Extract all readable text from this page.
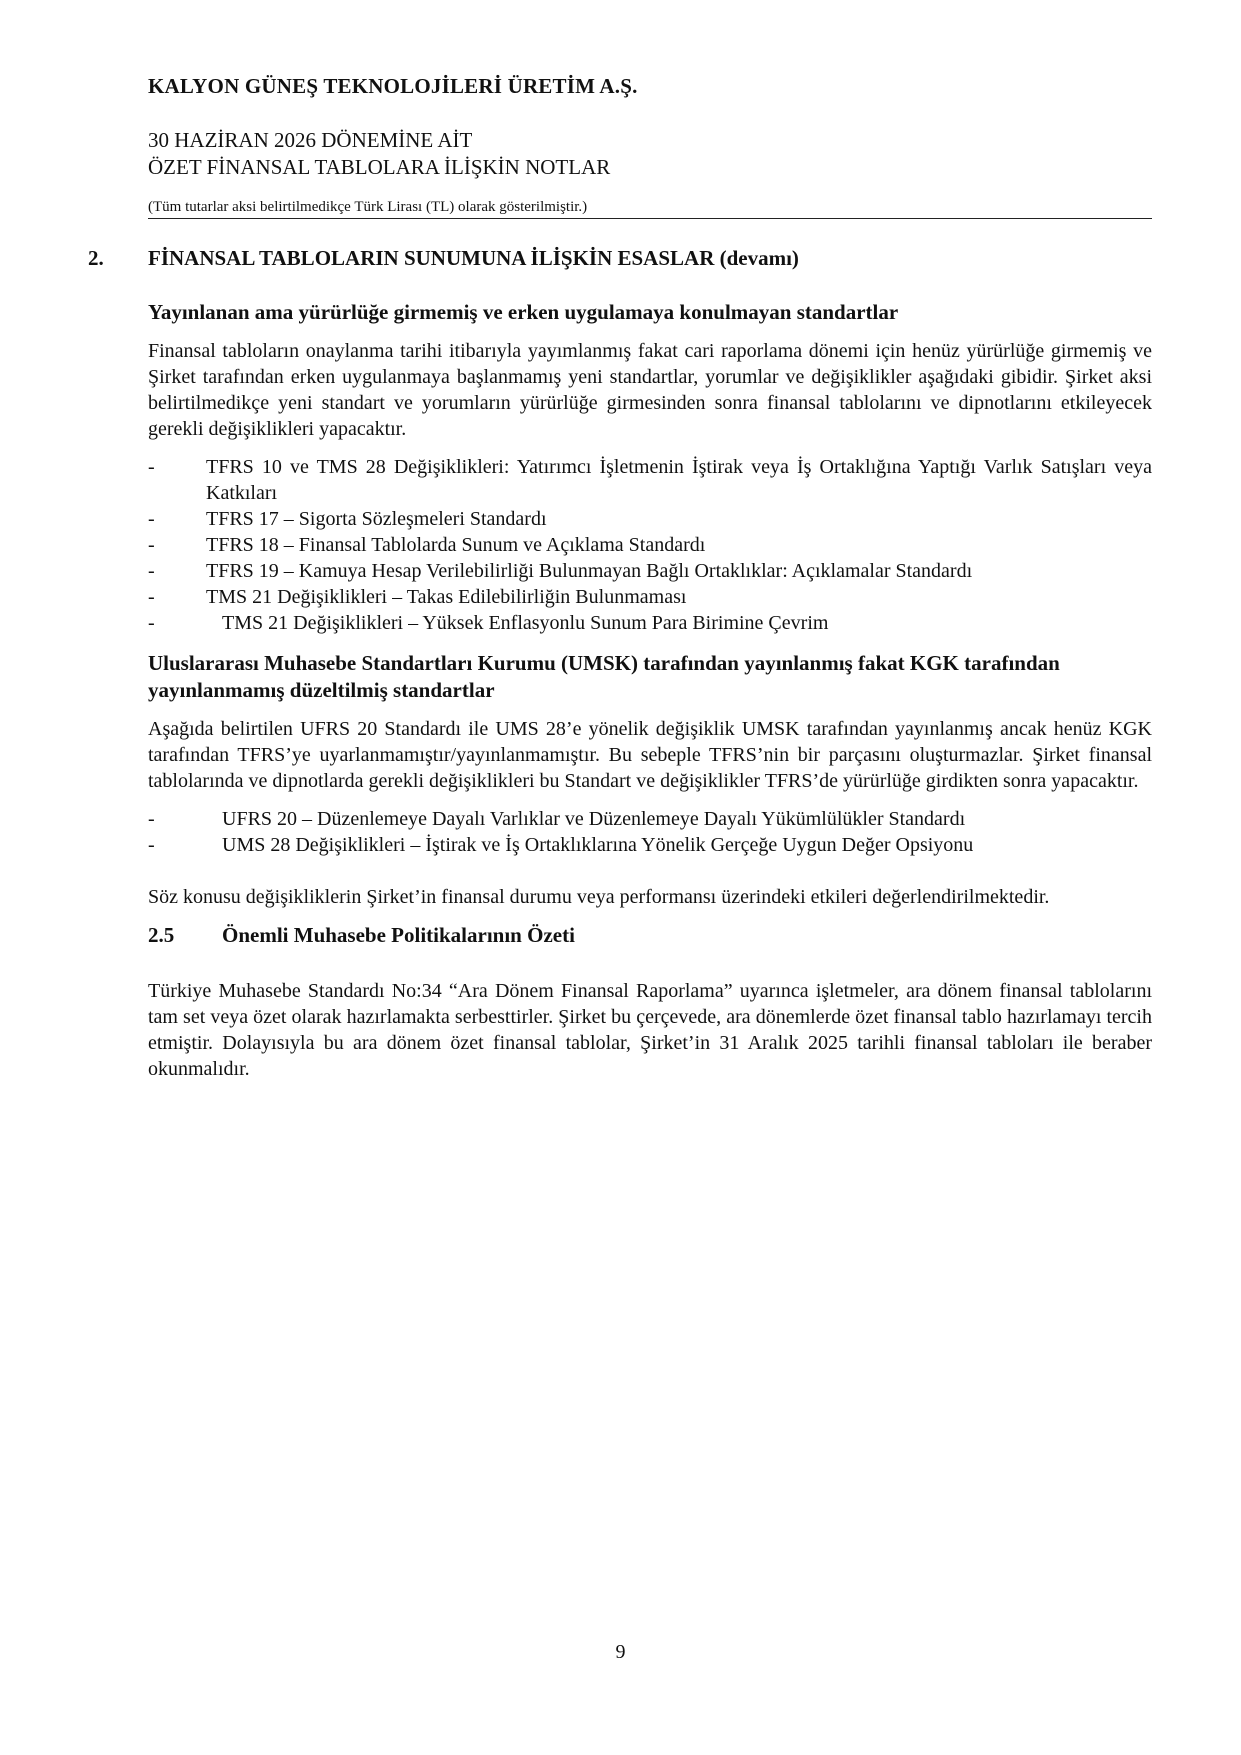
KALYON GÜNEŞ TEKNOLOJİLERİ ÜRETİM A.Ş.
30 HAZİRAN 2026 DÖNEMİNE AİT
ÖZET FİNANSAL TABLOLARA İLİŞKİN NOTLAR
(Tüm tutarlar aksi belirtilmedikçe Türk Lirası (TL) olarak gösterilmiştir.)
2. FİNANSAL TABLOLARIN SUNUMUNA İLİŞKİN ESASLAR (devamı)
Yayınlanan ama yürürlüğe girmemiş ve erken uygulamaya konulmayan standartlar

Finansal tabloların onaylanma tarihi itibarıyla yayımlanmış fakat cari raporlama dönemi için henüz yürürlüğe girmemiş ve Şirket tarafından erken uygulanmaya başlanmamış yeni standartlar, yorumlar ve değişiklikler aşağıdaki gibidir. Şirket aksi belirtilmedikçe yeni standart ve yorumların yürürlüğe girmesinden sonra finansal tablolarını ve dipnotlarını etkileyecek gerekli değişiklikleri yapacaktır.

-	TFRS 10 ve TMS 28 Değişiklikleri: Yatırımcı İşletmenin İştirak veya İş Ortaklığına Yaptığı Varlık Satışları veya Katkıları
-	TFRS 17 – Sigorta Sözleşmeleri Standardı
-	TFRS 18 – Finansal Tablolarda Sunum ve Açıklama Standardı
-	TFRS 19 – Kamuya Hesap Verilebilirliği Bulunmayan Bağlı Ortaklıklar: Açıklamalar Standardı
-	TMS 21 Değişiklikleri – Takas Edilebilirliğin Bulunmaması
-	TMS 21 Değişiklikleri – Yüksek Enflasyonlu Sunum Para Birimine Çevrim
Uluslararası Muhasebe Standartları Kurumu (UMSK) tarafından yayınlanmış fakat KGK tarafından yayınlanmamış düzeltilmiş standartlar

Aşağıda belirtilen UFRS 20 Standardı ile UMS 28’e yönelik değişiklik UMSK tarafından yayınlanmış ancak henüz KGK tarafından TFRS’ye uyarlanmamıştır/yayınlanmamıştır. Bu sebeple TFRS’nin bir parçasını oluşturmazlar. Şirket finansal tablolarında ve dipnotlarda gerekli değişiklikleri bu Standart ve değişiklikler TFRS’de yürürlüğe girdikten sonra yapacaktır.

-	UFRS 20 – Düzenlemeye Dayalı Varlıklar ve Düzenlemeye Dayalı Yükümlülükler Standardı
-	UMS 28 Değişiklikleri – İştirak ve İş Ortaklıklarına Yönelik Gerçeğe Uygun Değer Opsiyonu

Söz konusu değişikliklerin Şirket’in finansal durumu veya performansı üzerindeki etkileri değerlendirilmektedir.

2.5 Önemli Muhasebe Politikalarının Özeti

Türkiye Muhasebe Standardı No:34 “Ara Dönem Finansal Raporlama” uyarınca işletmeler, ara dönem finansal tablolarını tam set veya özet olarak hazırlamakta serbesttirler. Şirket bu çerçevede, ara dönemlerde özet finansal tablo hazırlamayı tercih etmiştir. Dolayısıyla bu ara dönem özet finansal tablolar, Şirket’in 31 Aralık 2025 tarihli finansal tabloları ile beraber okunmalıdır.

9
